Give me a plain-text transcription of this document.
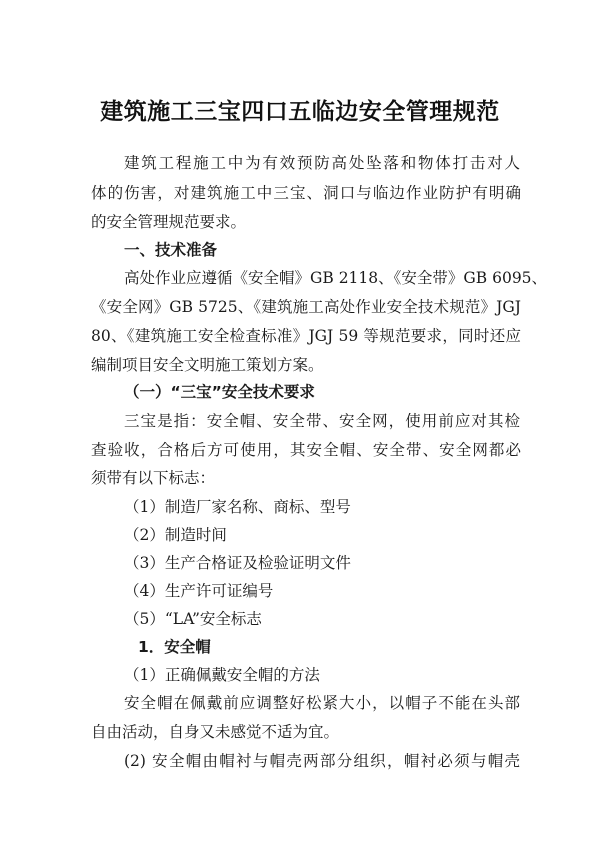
建筑施工三宝四口五临边安全管理规范
建筑工程施工中为有效预防高处坠落和物体打击对人
体的伤害，对建筑施工中三宝、洞口与临边作业防护有明确
的安全管理规范要求。
一、技术准备
高处作业应遵循《安全帽》GB 2118、《安全带》GB 6095、
《安全网》GB 5725、《建筑施工高处作业安全技术规范》JGJ
80、《建筑施工安全检查标准》JGJ 59 等规范要求，同时还应
编制项目安全文明施工策划方案。
（一）“三宝”安全技术要求
三宝是指：安全帽、安全带、安全网，使用前应对其检
查验收，合格后方可使用，其安全帽、安全带、安全网都必
须带有以下标志：
（1）制造厂家名称、商标、型号
（2）制造时间
（3）生产合格证及检验证明文件
（4）生产许可证编号
（5）“LA”安全标志
1．安全帽
（1）正确佩戴安全帽的方法
安全帽在佩戴前应调整好松紧大小，以帽子不能在头部
自由活动，自身又未感觉不适为宜。
(2) 安全帽由帽衬与帽壳两部分组织，帽衬必须与帽壳
